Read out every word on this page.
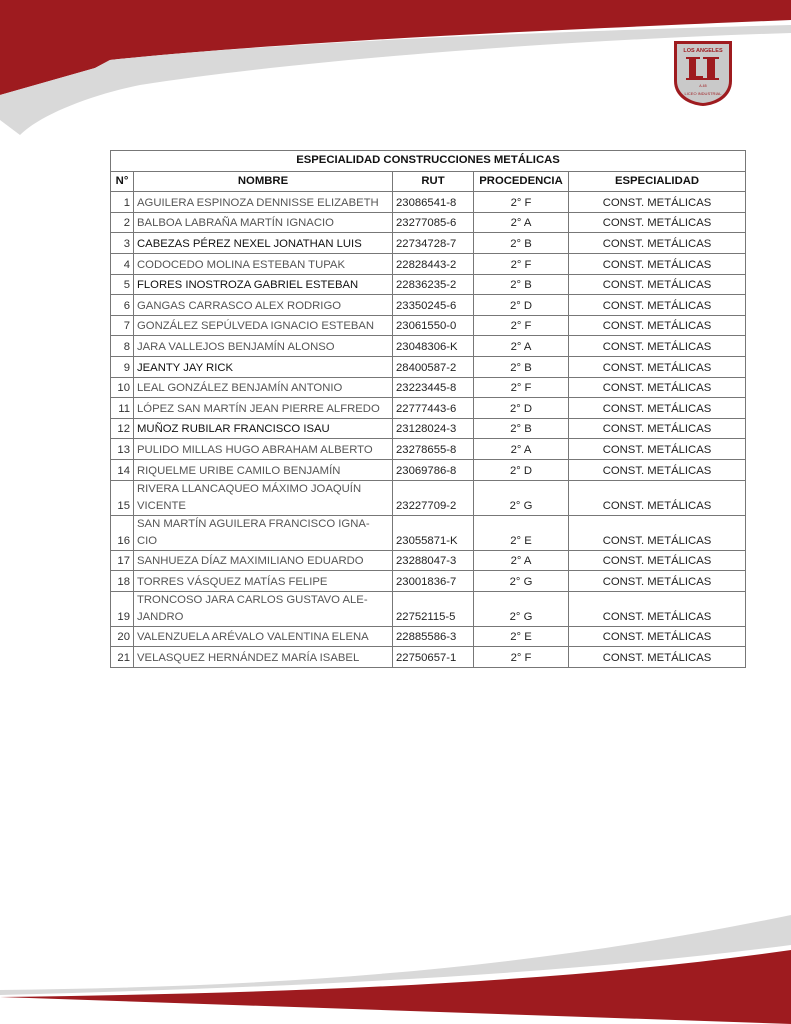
LOS ANGELES
A-65
LICEO INDUSTRIAL
ESPECIALIDAD CONSTRUCCIONES METÁLICAS				
N°	NOMBRE	RUT	PROCEDENCIA	ESPECIALIDAD
1	AGUILERA ESPINOZA DENNISSE ELIZABETH	23086541-8	2° F	CONST. METÁLICAS
2	BALBOA LABRAÑA MARTÍN IGNACIO	23277085-6	2° A	CONST. METÁLICAS
3	CABEZAS PÉREZ NEXEL JONATHAN LUIS	22734728-7	2° B	CONST. METÁLICAS
4	CODOCEDO MOLINA ESTEBAN TUPAK	22828443-2	2° F	CONST. METÁLICAS
5	FLORES INOSTROZA GABRIEL ESTEBAN	22836235-2	2° B	CONST. METÁLICAS
6	GANGAS CARRASCO ALEX RODRIGO	23350245-6	2° D	CONST. METÁLICAS
7	GONZÁLEZ SEPÚLVEDA IGNACIO ESTEBAN	23061550-0	2° F	CONST. METÁLICAS
8	JARA VALLEJOS BENJAMÍN ALONSO	23048306-K	2° A	CONST. METÁLICAS
9	JEANTY JAY RICK	28400587-2	2° B	CONST. METÁLICAS
10	LEAL GONZÁLEZ BENJAMÍN ANTONIO	23223445-8	2° F	CONST. METÁLICAS
11	LÓPEZ SAN MARTÍN JEAN PIERRE ALFREDO	22777443-6	2° D	CONST. METÁLICAS
12	MUÑOZ RUBILAR FRANCISCO ISAU	23128024-3	2° B	CONST. METÁLICAS
13	PULIDO MILLAS HUGO ABRAHAM ALBERTO	23278655-8	2° A	CONST. METÁLICAS
14	RIQUELME URIBE CAMILO BENJAMÍN	23069786-8	2° D	CONST. METÁLICAS
15	RIVERA LLANCAQUEO MÁXIMO JOAQUÍN VICENTE	23227709-2	2° G	CONST. METÁLICAS
16	SAN MARTÍN AGUILERA FRANCISCO IGNA-CIO	23055871-K	2° E	CONST. METÁLICAS
17	SANHUEZA DÍAZ MAXIMILIANO EDUARDO	23288047-3	2° A	CONST. METÁLICAS
18	TORRES VÁSQUEZ MATÍAS FELIPE	23001836-7	2° G	CONST. METÁLICAS
19	TRONCOSO JARA CARLOS GUSTAVO ALE-JANDRO	22752115-5	2° G	CONST. METÁLICAS
20	VALENZUELA ARÉVALO VALENTINA ELENA	22885586-3	2° E	CONST. METÁLICAS
21	VELASQUEZ HERNÁNDEZ MARÍA ISABEL	22750657-1	2° F	CONST. METÁLICAS
